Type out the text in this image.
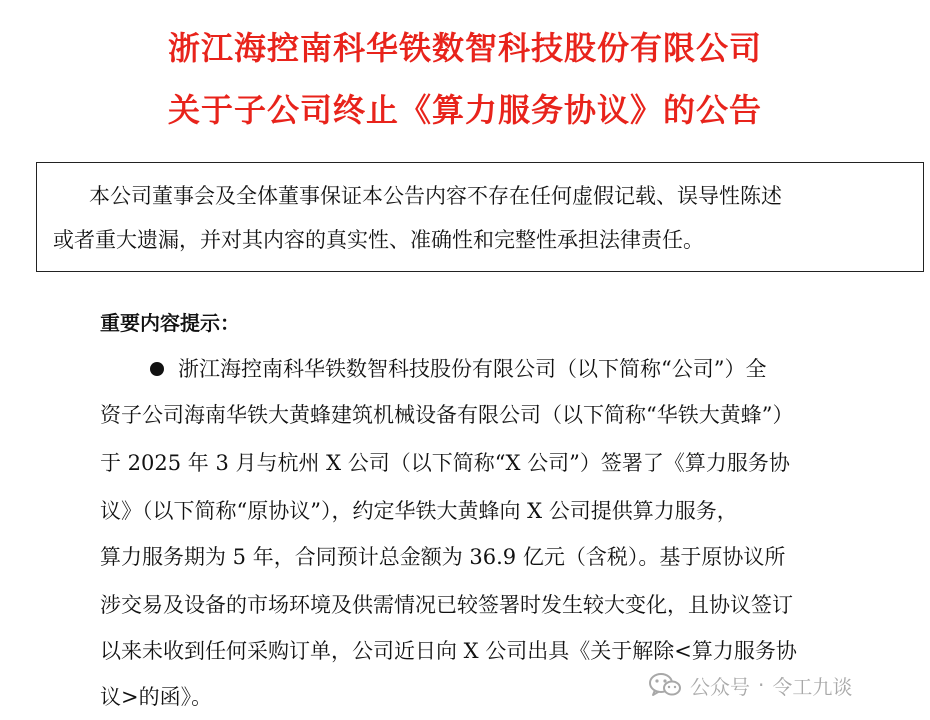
浙江海控南科华铁数智科技股份有限公司
关于子公司终止《算力服务协议》的公告
本公司董事会及全体董事保证本公告内容不存在任何虚假记载、误导性陈述
或者重大遗漏，并对其内容的真实性、准确性和完整性承担法律责任。
重要内容提示：
浙江海控南科华铁数智科技股份有限公司（以下简称“公司”）全
资子公司海南华铁大黄蜂建筑机械设备有限公司（以下简称“华铁大黄蜂”）
于 2025 年 3 月与杭州 X 公司（以下简称“X 公司”）签署了《算力服务协
议》（以下简称“原协议”），约定华铁大黄蜂向 X 公司提供算力服务，
算力服务期为 5 年，合同预计总金额为 36.9 亿元（含税）。基于原协议所
涉交易及设备的市场环境及供需情况已较签署时发生较大变化，且协议签订
以来未收到任何采购订单，公司近日向 X 公司出具《关于解除<算力服务协
议>的函》。	公众号 · 令工九谈
